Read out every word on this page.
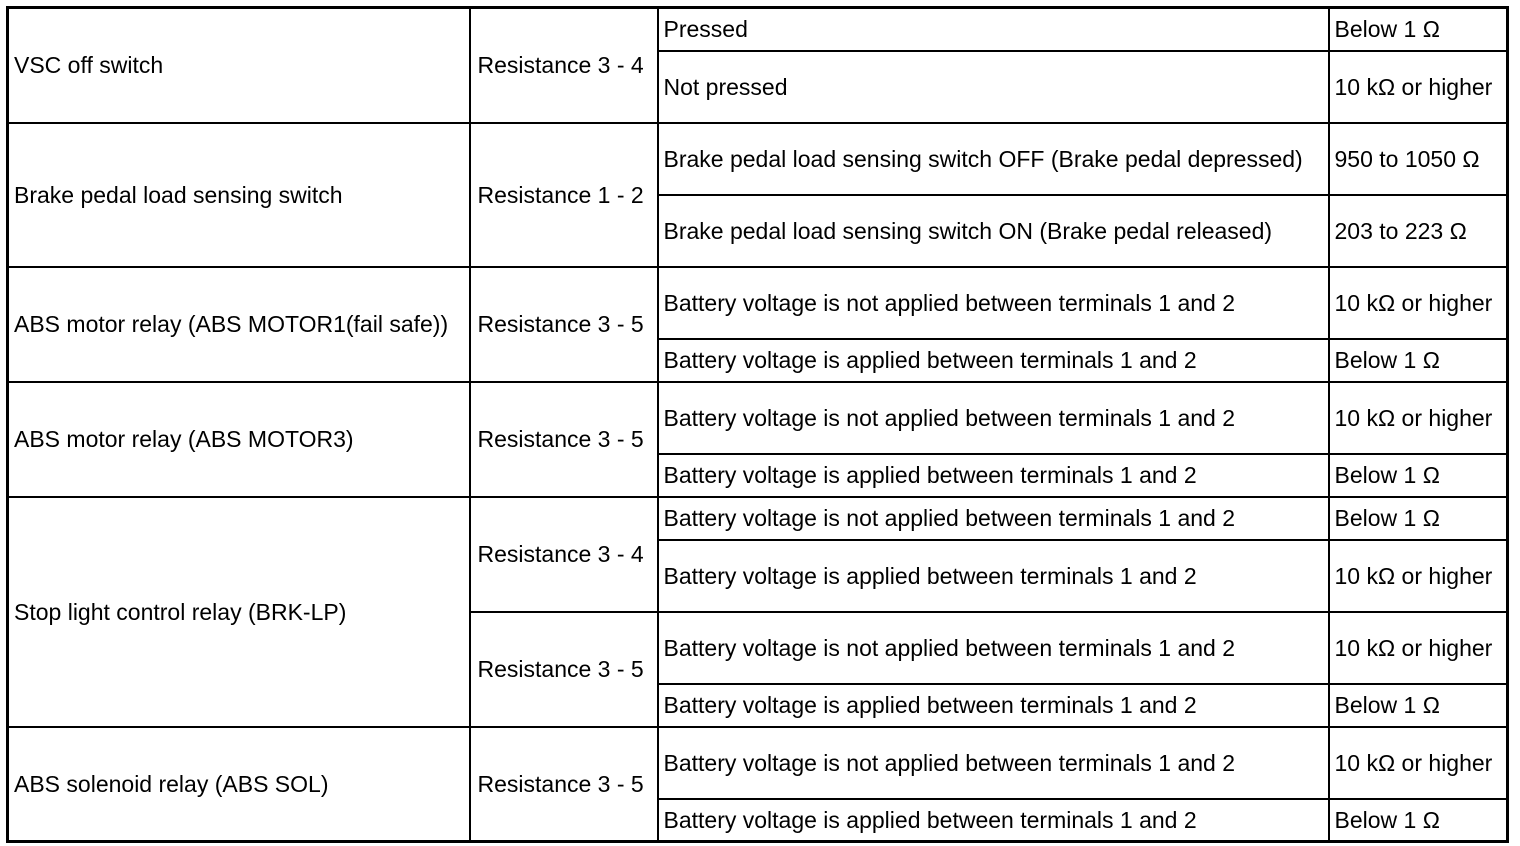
VSC off switch	Resistance 3 - 4	Pressed	Below 1 Ω
		Not pressed	10 kΩ or higher
Brake pedal load sensing switch	Resistance 1 - 2	Brake pedal load sensing switch OFF (Brake pedal depressed)	950 to 1050 Ω
		Brake pedal load sensing switch ON (Brake pedal released)	203 to 223 Ω
ABS motor relay (ABS MOTOR1(fail safe))	Resistance 3 - 5	Battery voltage is not applied between terminals 1 and 2	10 kΩ or higher
		Battery voltage is applied between terminals 1 and 2	Below 1 Ω
ABS motor relay (ABS MOTOR3)	Resistance 3 - 5	Battery voltage is not applied between terminals 1 and 2	10 kΩ or higher
		Battery voltage is applied between terminals 1 and 2	Below 1 Ω
Stop light control relay (BRK-LP)	Resistance 3 - 4	Battery voltage is not applied between terminals 1 and 2	Below 1 Ω
		Battery voltage is applied between terminals 1 and 2	10 kΩ or higher
	Resistance 3 - 5	Battery voltage is not applied between terminals 1 and 2	10 kΩ or higher
		Battery voltage is applied between terminals 1 and 2	Below 1 Ω
ABS solenoid relay (ABS SOL)	Resistance 3 - 5	Battery voltage is not applied between terminals 1 and 2	10 kΩ or higher
		Battery voltage is applied between terminals 1 and 2	Below 1 Ω
